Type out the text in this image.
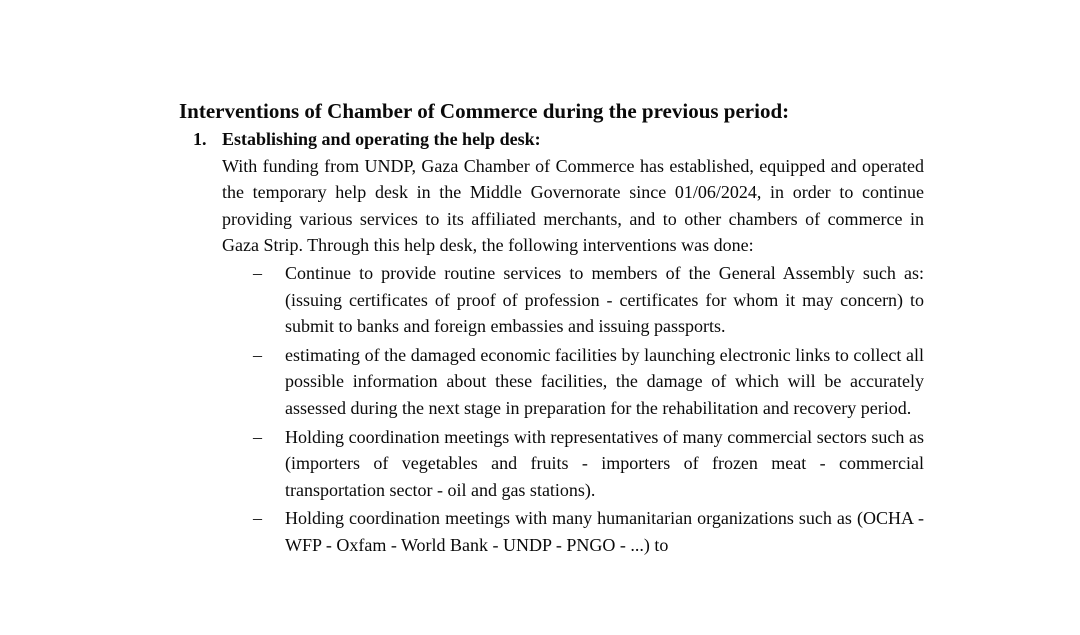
Interventions of Chamber of Commerce during the previous period:
1. Establishing and operating the help desk:

With funding from UNDP, Gaza Chamber of Commerce has established, equipped and operated the temporary help desk in the Middle Governorate since 01/06/2024, in order to continue providing various services to its affiliated merchants, and to other chambers of commerce in Gaza Strip. Through this help desk, the following interventions was done:

–	Continue to provide routine services to members of the General Assembly such as: (issuing certificates of proof of profession - certificates for whom it may concern) to submit to banks and foreign embassies and issuing passports.
–	estimating of the damaged economic facilities by launching electronic links to collect all possible information about these facilities, the damage of which will be accurately assessed during the next stage in preparation for the rehabilitation and recovery period.
–	Holding coordination meetings with representatives of many commercial sectors such as (importers of vegetables and fruits - importers of frozen meat - commercial transportation sector - oil and gas stations).
–	Holding coordination meetings with many humanitarian organizations such as (OCHA - WFP - Oxfam - World Bank - UNDP - PNGO - ...) to
